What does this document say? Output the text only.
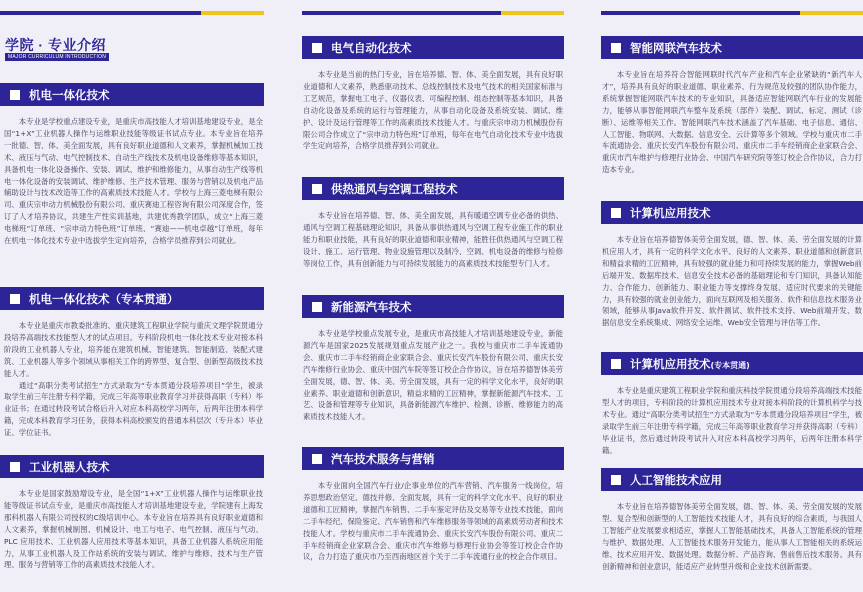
学院 · 专业介绍
MAJOR CURRICULUM INTRODUCTION
机电一体化技术

本专业是学校重点建设专业，是重庆市高技能人才培训基地建设专业，是全国“1+X”工业机器人操作与运维职业技能等级证书试点专业。本专业旨在培养一批德、智、体、美全面发展，具有良好职业道德和人文素养，掌握机械加工技术、液压与气动、电气控制技术、自动生产线技术及机电设备维修等基本知识，具备机电一体化设备操作、安装、调试、维护和维修能力，从事自动生产线等机电一体化设备的安装调试、维护维修、生产技术管理、服务与营销以及机电产品辅助设计与技术改造等工作的高素质技术技能人才。学校与上海三菱电梯有限公司、重庆宗申动力机械股份有限公司、重庆赛迪工程咨询有限公司深度合作，签订了人才培养协议，共建生产性实训基地，共建优秀教学团队，成立“上海三菱电梯班”订单班、“宗申动力特色班”订单班、“赛迪——机电卓越”订单班，每年在机电一体化技术专业中选拔学生定向培养，合格学员推荐到公司就业。

机电一体化技术（专本贯通）

本专业是重庆市教委批准的、重庆建筑工程职业学院与重庆文理学院贯通分段培养高端技术技能型人才的试点项目。专科阶段机电一体化技术专业对接本科阶段的工业机器人专业，培养能在建筑机械、智能建筑、智能制造、装配式建筑、工业机器人等多个领域从事相关工作的跨界型、复合型、创新型高级技术技能人才。

通过“高职分类考试招生”方式录取为“专本贯通分段培养项目”学生，被录取学生前三年注册专科学籍，完成三年高等职业教育学习并获得高职（专科）毕业证书；在通过转段考试合格后升入对应本科高校学习两年，后两年注册本科学籍，完成本科教育学习任务，获得本科高校颁发的普通本科层次（专升本）毕业证、学位证书。

工业机器人技术

本专业是国家鼓励增设专业，是全国“1+X”工业机器人操作与运维职业技能等级证书试点专业，是重庆市高技能人才培训基地建设专业，学院建有上海发那科机器人有限公司授权的C级培训中心。本专业旨在培养具有良好职业道德和人文素养，掌握机械制图、机械设计、电工与电子、电气控制、液压与气动、PLC 应用技术、工业机器人应用技术等基本知识，具备工业机器人系统应用能力，从事工业机器人及工作站系统的安装与调试、维护与维修、技术与生产管理、服务与营销等工作的高素质技术技能人才。

电气自动化技术

本专业是当前的热门专业，旨在培养德、智、体、美全面发展，具有良好职业道德和人文素养，熟悉驱动技术、总线控制技术及电气技术的相关国家标准与工艺规范，掌握电工电子、仪器仪表、可编程控制、组态控制等基本知识，具备自动化设备及系统的运行与管理能力，从事自动化设备及系统安装、调试、维护、设计及运行管理等工作的高素质技术技能人才。与重庆宗申动力机械股份有限公司合作成立了“宗申动力特色班”订单班，每年在电气自动化技术专业中选拔学生定向培养，合格学员推荐到公司就业。

供热通风与空调工程技术

本专业旨在培养德、智、体、美全面发展，具有暖通空调专业必备的供热、通风与空调工程基础理论知识，具备从事供热通风与空调工程专业施工作的职业能力和职业技能，具有良好的职业道德和职业精神，能胜任供热通风与空调工程设计、施工、运行管理、物业设施管理以及制冷、空调、机电设备的维修与检修等岗位工作，具有创新能力与可持续发展能力的高素质技术技能型专门人才。

新能源汽车技术

本专业是学校重点发展专业，是重庆市高技能人才培训基地建设专业，新能源汽车是国家2025发展规划重点发展产业之一。我校与重庆市二手车流通协会、重庆市二手车经销商企业家联合会、重庆长安汽车股份有限公司、重庆长安汽车维修行业协会、重庆中国汽车院等签订校企合作协议，旨在培养德智体美劳全面发展，德、智、体、美、劳全面发展，具有一定的科学文化水平，良好的职业素养、职业道德和创新意识，精益求精的工匠精神，掌握新能源汽车技术、工艺、设备和管理等专业知识，具备新能源汽车维护、检测、诊断、维修能力的高素质技术技能人才。

汽车技术服务与营销

本专业面向全国汽车行业/企事业单位的汽车营销、汽车服务一线岗位，培养思想政治坚定、德技并修、全面发展，具有一定的科学文化水平、良好的职业道德和工匠精神，掌握汽车销售、二手车鉴定评估及交易等专业技术技能，面向二手车经纪、保险鉴定、汽车销售和汽车维修服务等领域的高素质劳动者和技术技能人才。学校与重庆市二手车流通协会、重庆长安汽车股份有限公司、重庆二手车经销商企业家联合会、重庆市汽车维修与修理行业协会等签订校企合作协议，合力打造了重庆市乃至西南地区首个关于二手车流通行业的校企合作项目。

智能网联汽车技术

本专业旨在培养符合智能网联时代汽车产业和汽车企业紧缺的“新汽车人才”，培养具有良好的职业道德、职业素养、行为规范及较强的团队协作能力，系统掌握智能网联汽车技术的专业知识，具备适应智能网联汽车行业的发展能力，能够从事智能网联汽车整车及系统（部件）装配、调试、标定、测试（诊断）、运维等相关工作。智能网联汽车技术涵盖了汽车基础、电子信息、通信、人工智能、物联网、大数据、信息安全、云计算等多个领域。学校与重庆市二手车流通协会、重庆长安汽车股份有限公司、重庆市二手车经销商企业家联合会、重庆市汽车维护与修理行业协会、中国汽车研究院等签订校企合作协议，合力打造本专业。

计算机应用技术

本专业旨在培养德智体美劳全面发展，德、智、体、美、劳全面发展的计算机应用人才，具有一定的科学文化水平、良好的人文素养、职业道德和创新意识和精益求精的工匠精神，具有较强的就业能力和可持续发展的能力，掌握Web前后端开发、数据库技术、信息安全技术必备的基础理论和专门知识，具备认知能力、合作能力、创新能力、职业能力等支撑终身发展、适应时代要求的关键能力，具有较强的就业创业能力，面向互联网及相关服务、软件和信息技术服务业领域，能够从事Java软件开发、软件测试、软件技术支持、Web前端开发、数据信息安全系统集成、网络安全运维、Web安全管理与评估等工作。

计算机应用技术(专本贯通)

本专业是重庆建筑工程职业学院和重庆科技学院贯通分段培养高端技术技能型人才的项目，专科阶段的计算机应用技术专业对接本科阶段的计算机科学与技术专业。通过“高职分类考试招生”方式录取为“专本贯通分段培养项目”学生，被录取学生前三年注册专科学籍，完成三年高等职业教育学习并获得高职（专科）毕业证书，然后通过转段考试升入对应本科高校学习两年，后两年注册本科学籍。

人工智能技术应用

本专业旨在培养德智体美劳全面发展，德、智、体、美、劳全面发展的发展型、复合型和创新型的人工智能技术技能人才，具有良好的综合素质，与我国人工智能产业发展要求相适应，掌握人工智能基础技术，具备人工智能系统的管理与维护、数据处理、人工智能技术服务开发能力，能从事人工智能相关的系统运维、技术应用开发、数据处理、数据分析、产品咨询、售前售后技术服务。具有创新精神和创业意识，能适应产业转型升级和企业技术创新需要。
